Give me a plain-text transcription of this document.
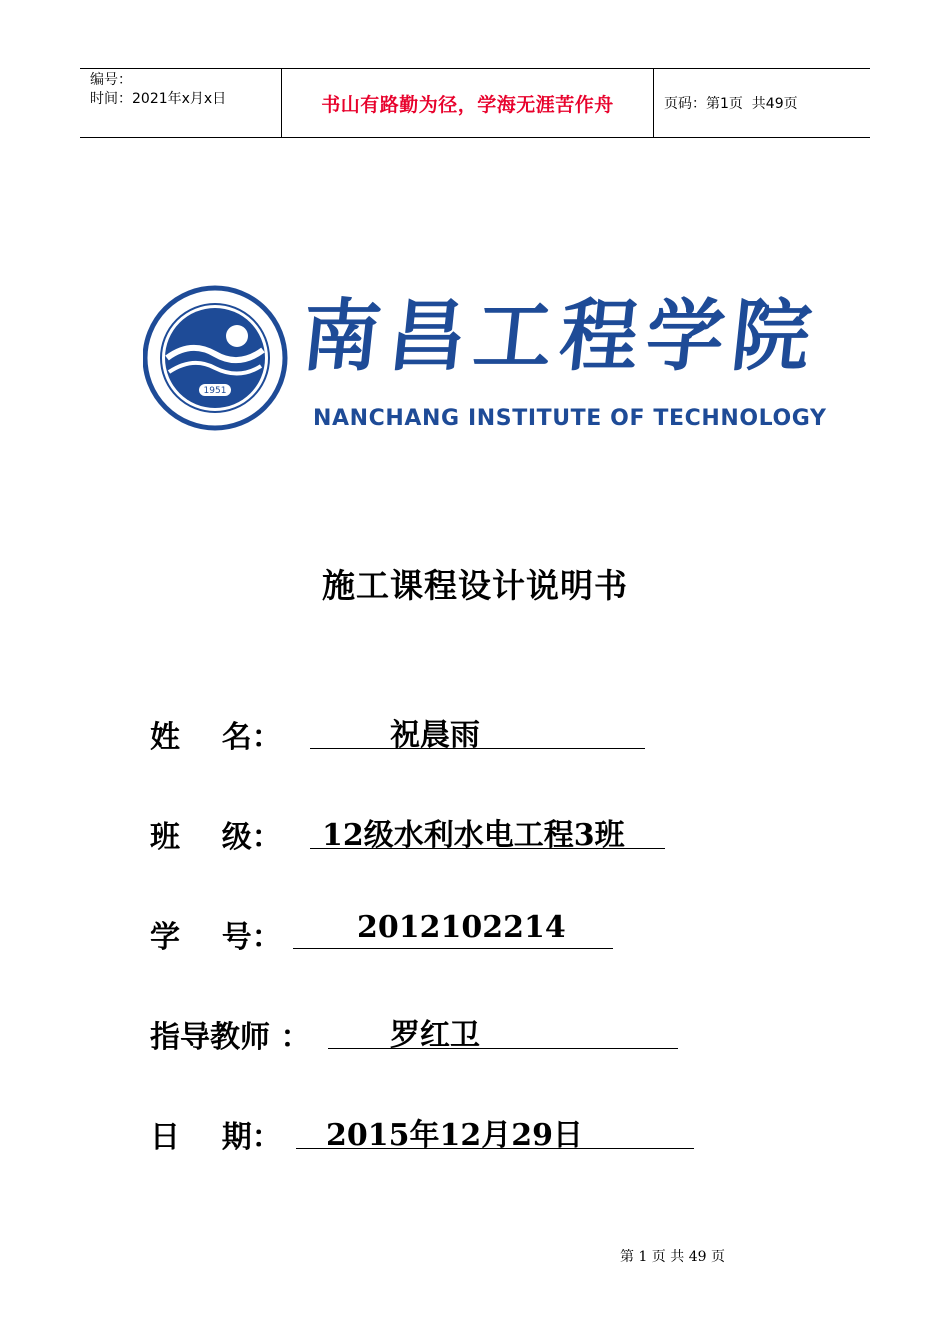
编号：
时间：2021年x月x日	书山有路勤为径，学海无涯苦作舟	页码：第1页  共49页
1951
南
昌
工
程
学
院
NANCHANG INSTITUTE OF TECHNOLOGY
施工课程设计说明书
姓    名：	祝晨雨
班    级： 12级水利水电工程3班
学    号：	2012102214
指导教师 ：	罗红卫
日    期： 2015年12月29日
第 1 页 共 49 页
